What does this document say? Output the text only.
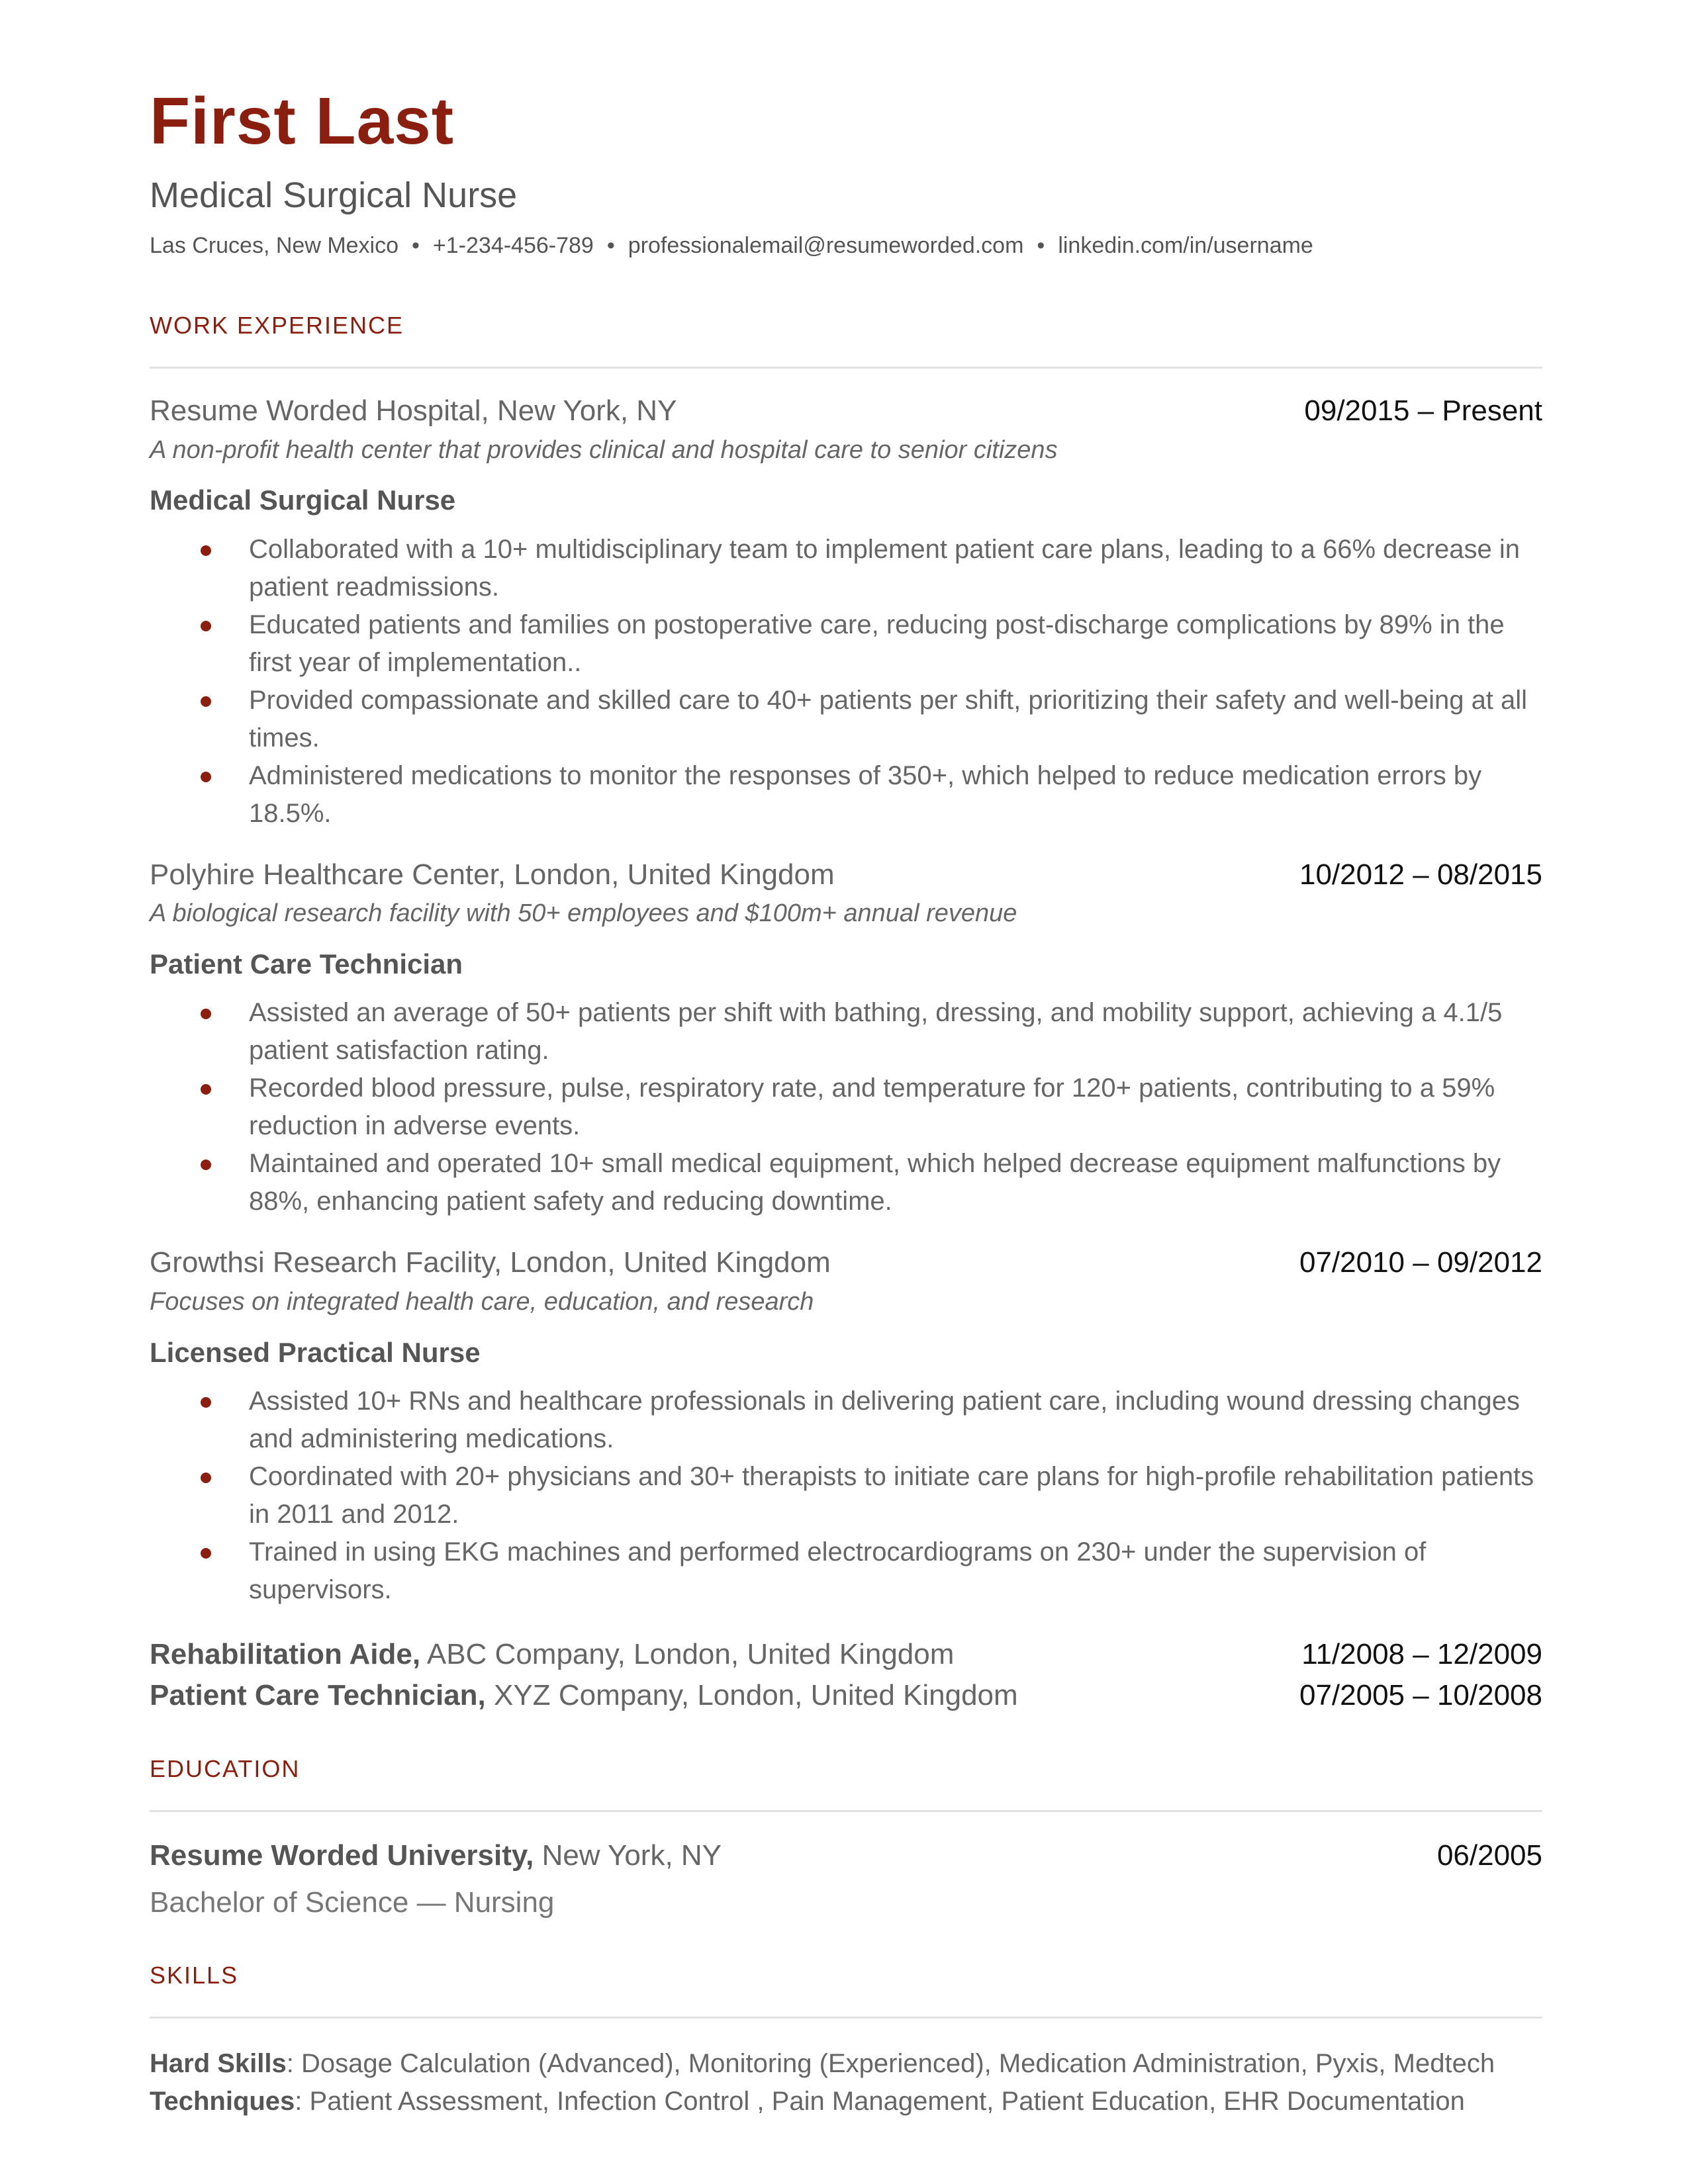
First Last
Medical Surgical Nurse
Las Cruces, New Mexico • +1-234-456-789 • professionalemail@resumeworded.com • linkedin.com/in/username
WORK EXPERIENCE
Resume Worded Hospital, New York, NY	09/2015 – Present
A non-profit health center that provides clinical and hospital care to senior citizens
Medical Surgical Nurse
Collaborated with a 10+ multidisciplinary team to implement patient care plans, leading to a 66% decrease in patient readmissions.
Educated patients and families on postoperative care, reducing post-discharge complications by 89% in the first year of implementation..
Provided compassionate and skilled care to 40+ patients per shift, prioritizing their safety and well-being at all times.
Administered medications to monitor the responses of 350+, which helped to reduce medication errors by 18.5%.
Polyhire Healthcare Center, London, United Kingdom	10/2012 – 08/2015
A biological research facility with 50+ employees and $100m+ annual revenue
Patient Care Technician
Assisted an average of 50+ patients per shift with bathing, dressing, and mobility support, achieving a 4.1/5 patient satisfaction rating.
Recorded blood pressure, pulse, respiratory rate, and temperature for 120+ patients, contributing to a 59% reduction in adverse events.
Maintained and operated 10+ small medical equipment, which helped decrease equipment malfunctions by 88%, enhancing patient safety and reducing downtime.
Growthsi Research Facility, London, United Kingdom	07/2010 – 09/2012
Focuses on integrated health care, education, and research
Licensed Practical Nurse
Assisted 10+ RNs and healthcare professionals in delivering patient care, including wound dressing changes and administering medications.
Coordinated with 20+ physicians and 30+ therapists to initiate care plans for high-profile rehabilitation patients in 2011 and 2012.
Trained in using EKG machines and performed electrocardiograms on 230+ under the supervision of supervisors.
Rehabilitation Aide, ABC Company, London, United Kingdom	11/2008 – 12/2009
Patient Care Technician, XYZ Company, London, United Kingdom	07/2005 – 10/2008
EDUCATION
Resume Worded University, New York, NY	06/2005
Bachelor of Science — Nursing
SKILLS
Hard Skills: Dosage Calculation (Advanced), Monitoring (Experienced), Medication Administration, Pyxis, Medtech
Techniques: Patient Assessment, Infection Control , Pain Management, Patient Education, EHR Documentation
